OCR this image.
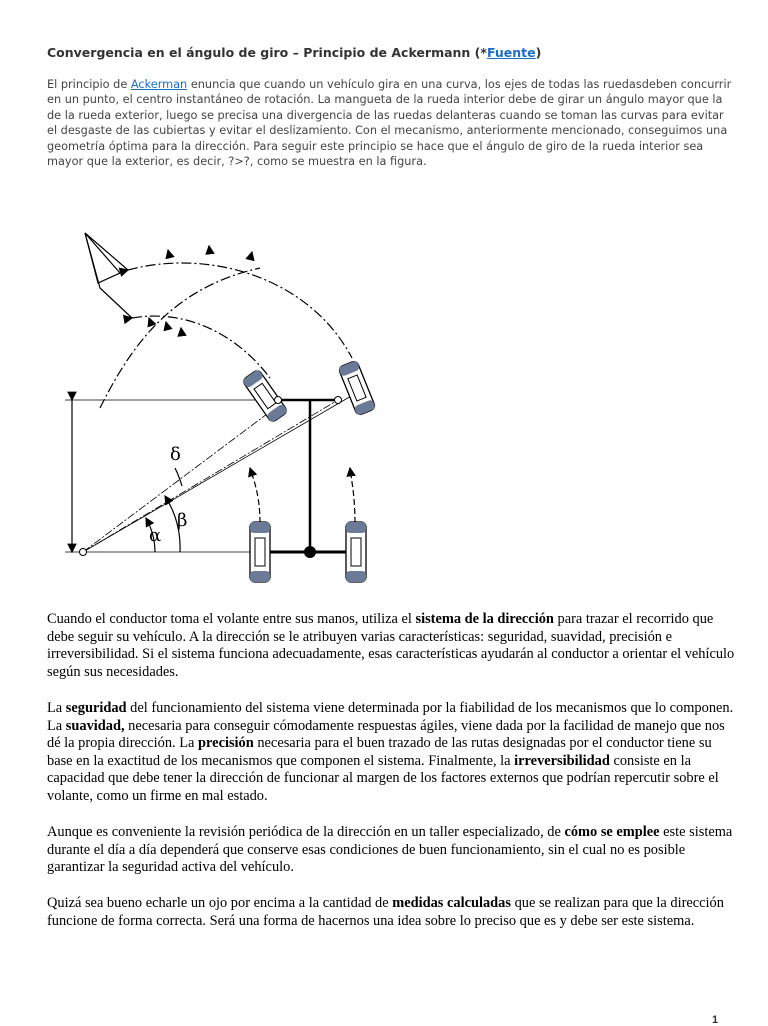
Convergencia en el ángulo de giro – Principio de Ackermann (*Fuente)
El principio de Ackerman enuncia que cuando un vehículo gira en una curva, los ejes de todas las ruedasdeben concurrir en un punto, el centro instantáneo de rotación. La mangueta de la rueda interior debe de girar un ángulo mayor que la de la rueda exterior, luego se precisa una divergencia de las ruedas delanteras cuando se toman las curvas para evitar el desgaste de las cubiertas y evitar el deslizamiento. Con el mecanismo, anteriormente mencionado, conseguimos una geometría óptima para la dirección. Para seguir este principio se hace que el ángulo de giro de la rueda interior sea mayor que la exterior, es decir, ?>?, como se muestra en la figura.
δ
β
α

Cuando el conductor toma el volante entre sus manos, utiliza el sistema de la dirección para trazar el recorrido que debe seguir su vehículo. A la dirección se le atribuyen varias características: seguridad, suavidad, precisión e irreversibilidad. Si el sistema funciona adecuadamente, esas características ayudarán al conductor a orientar el vehículo según sus necesidades.

La seguridad del funcionamiento del sistema viene determinada por la fiabilidad de los mecanismos que lo componen. La suavidad, necesaria para conseguir cómodamente respuestas ágiles, viene dada por la facilidad de manejo que nos dé la propia dirección. La precisión necesaria para el buen trazado de las rutas designadas por el conductor tiene su base en la exactitud de los mecanismos que componen el sistema. Finalmente, la irreversibilidad consiste en la capacidad que debe tener la dirección de funcionar al margen de los factores externos que podrían repercutir sobre el volante, como un firme en mal estado.

Aunque es conveniente la revisión periódica de la dirección en un taller especializado, de cómo se emplee este sistema durante el día a día dependerá que conserve esas condiciones de buen funcionamiento, sin el cual no es posible garantizar la seguridad activa del vehículo.

Quizá sea bueno echarle un ojo por encima a la cantidad de medidas calculadas que se realizan para que la dirección funcione de forma correcta. Será una forma de hacernos una idea sobre lo preciso que es y debe ser este sistema.

1
